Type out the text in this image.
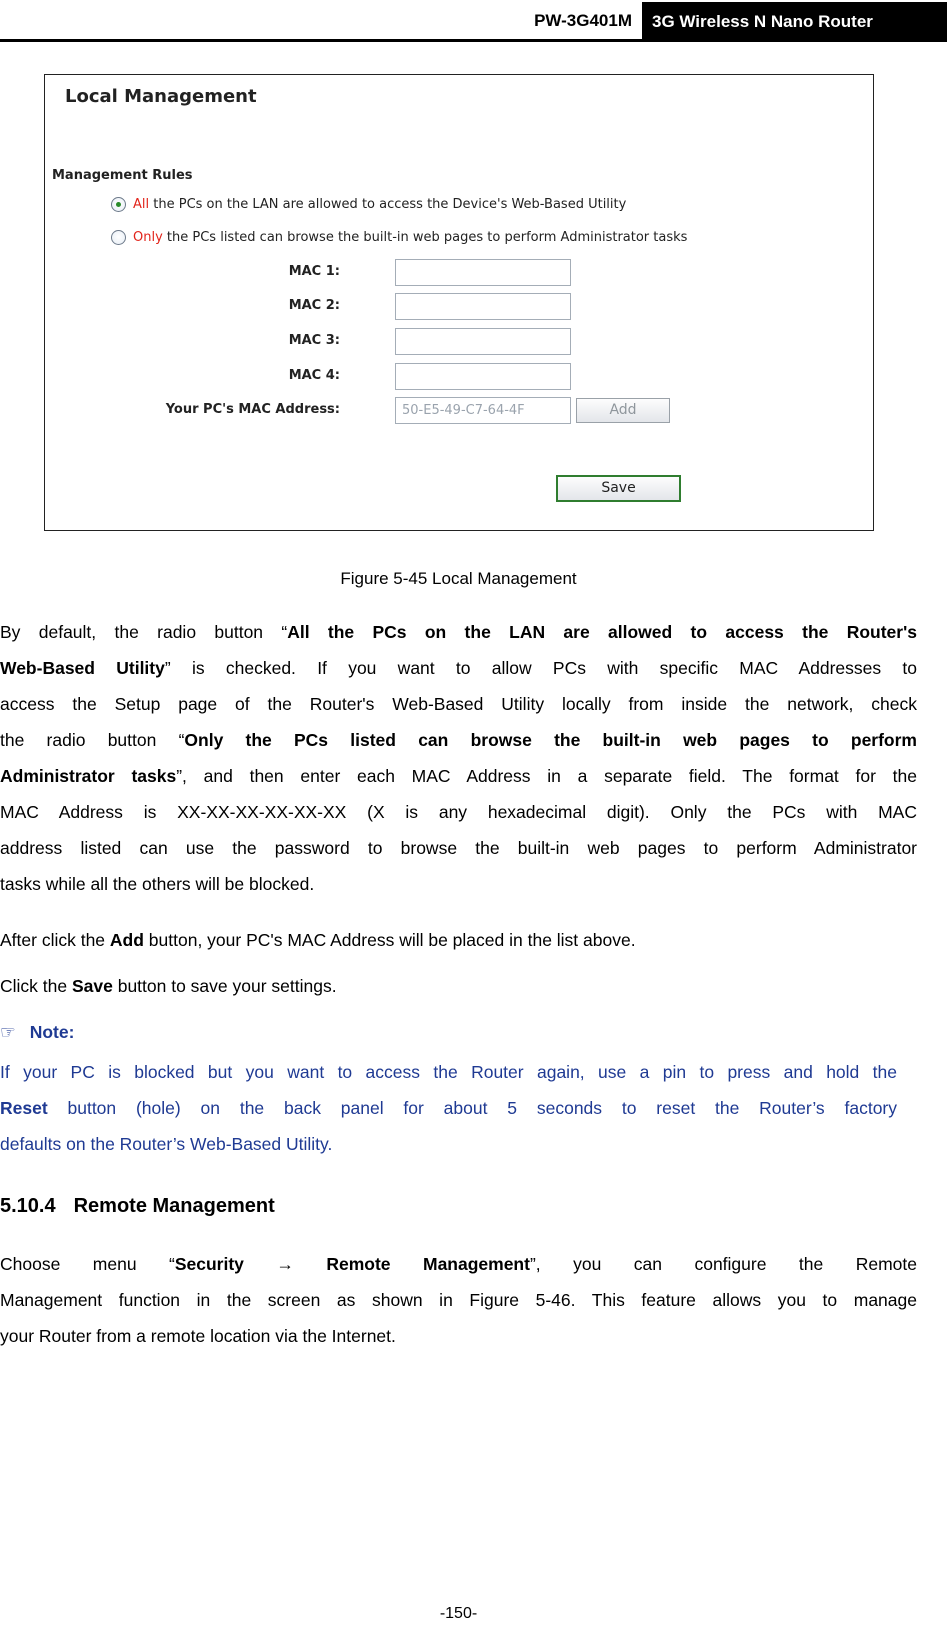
PW-3G401M	3G Wireless N Nano Router
Local Management
Management Rules
All the PCs on the LAN are allowed to access the Device's Web-Based Utility
Only the PCs listed can browse the built-in web pages to perform Administrator tasks
MAC 1:
MAC 2:
MAC 3:
MAC 4:
Your PC's MAC Address:
50-E5-49-C7-64-4F	Add
Save
Figure 5-45 Local Management
By default, the radio button “All the PCs on the LAN are allowed to access the Router's
Web-Based Utility” is checked. If you want to allow PCs with specific MAC Addresses to
access the Setup page of the Router's Web-Based Utility locally from inside the network, check
the radio button “Only the PCs listed can browse the built-in web pages to perform
Administrator tasks”, and then enter each MAC Address in a separate field. The format for the
MAC Address is XX-XX-XX-XX-XX-XX (X is any hexadecimal digit). Only the PCs with MAC
address listed can use the password to browse the built-in web pages to perform Administrator
tasks while all the others will be blocked.
After click the Add button, your PC's MAC Address will be placed in the list above.
Click the Save button to save your settings.
☞ Note:
If your PC is blocked but you want to access the Router again, use a pin to press and hold the
Reset button (hole) on the back panel for about 5 seconds to reset the Router’s factory
defaults on the Router’s Web-Based Utility.
5.10.4 Remote Management
Choose menu “Security → Remote Management”, you can configure the Remote
Management function in the screen as shown in Figure 5-46. This feature allows you to manage
your Router from a remote location via the Internet.
-150-
